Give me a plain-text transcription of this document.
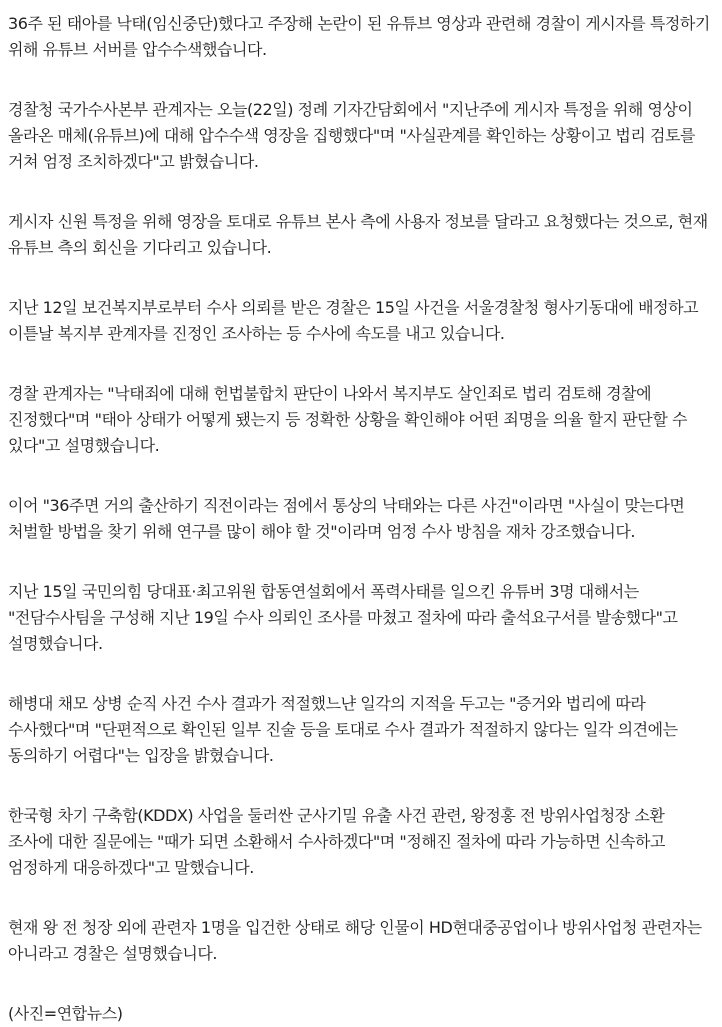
36주 된 태아를 낙태(임신중단)했다고 주장해 논란이 된 유튜브 영상과 관련해 경찰이 게시자를 특정하기 위해 유튜브 서버를 압수수색했습니다.

경찰청 국가수사본부 관계자는 오늘(22일) 정례 기자간담회에서 "지난주에 게시자 특정을 위해 영상이 올라온 매체(유튜브)에 대해 압수수색 영장을 집행했다"며 "사실관계를 확인하는 상황이고 법리 검토를 거쳐 엄정 조치하겠다"고 밝혔습니다.

게시자 신원 특정을 위해 영장을 토대로 유튜브 본사 측에 사용자 정보를 달라고 요청했다는 것으로, 현재 유튜브 측의 회신을 기다리고 있습니다.

지난 12일 보건복지부로부터 수사 의뢰를 받은 경찰은 15일 사건을 서울경찰청 형사기동대에 배정하고 이튿날 복지부 관계자를 진정인 조사하는 등 수사에 속도를 내고 있습니다.

경찰 관계자는 "낙태죄에 대해 헌법불합치 판단이 나와서 복지부도 살인죄로 법리 검토해 경찰에 진정했다"며 "태아 상태가 어떻게 됐는지 등 정확한 상황을 확인해야 어떤 죄명을 의율 할지 판단할 수 있다"고 설명했습니다.

이어 "36주면 거의 출산하기 직전이라는 점에서 통상의 낙태와는 다른 사건"이라면 "사실이 맞는다면 처벌할 방법을 찾기 위해 연구를 많이 해야 할 것"이라며 엄정 수사 방침을 재차 강조했습니다.

지난 15일 국민의힘 당대표·최고위원 합동연설회에서 폭력사태를 일으킨 유튜버 3명 대해서는 "전담수사팀을 구성해 지난 19일 수사 의뢰인 조사를 마쳤고 절차에 따라 출석요구서를 발송했다"고 설명했습니다.

해병대 채모 상병 순직 사건 수사 결과가 적절했느냔 일각의 지적을 두고는 "증거와 법리에 따라 수사했다"며 "단편적으로 확인된 일부 진술 등을 토대로 수사 결과가 적절하지 않다는 일각 의견에는 동의하기 어렵다"는 입장을 밝혔습니다.

한국형 차기 구축함(KDDX) 사업을 둘러싼 군사기밀 유출 사건 관련, 왕정홍 전 방위사업청장 소환 조사에 대한 질문에는 "때가 되면 소환해서 수사하겠다"며 "정해진 절차에 따라 가능하면 신속하고 엄정하게 대응하겠다"고 말했습니다.

현재 왕 전 청장 외에 관련자 1명을 입건한 상태로 해당 인물이 HD현대중공업이나 방위사업청 관련자는 아니라고 경찰은 설명했습니다.

(사진=연합뉴스)
